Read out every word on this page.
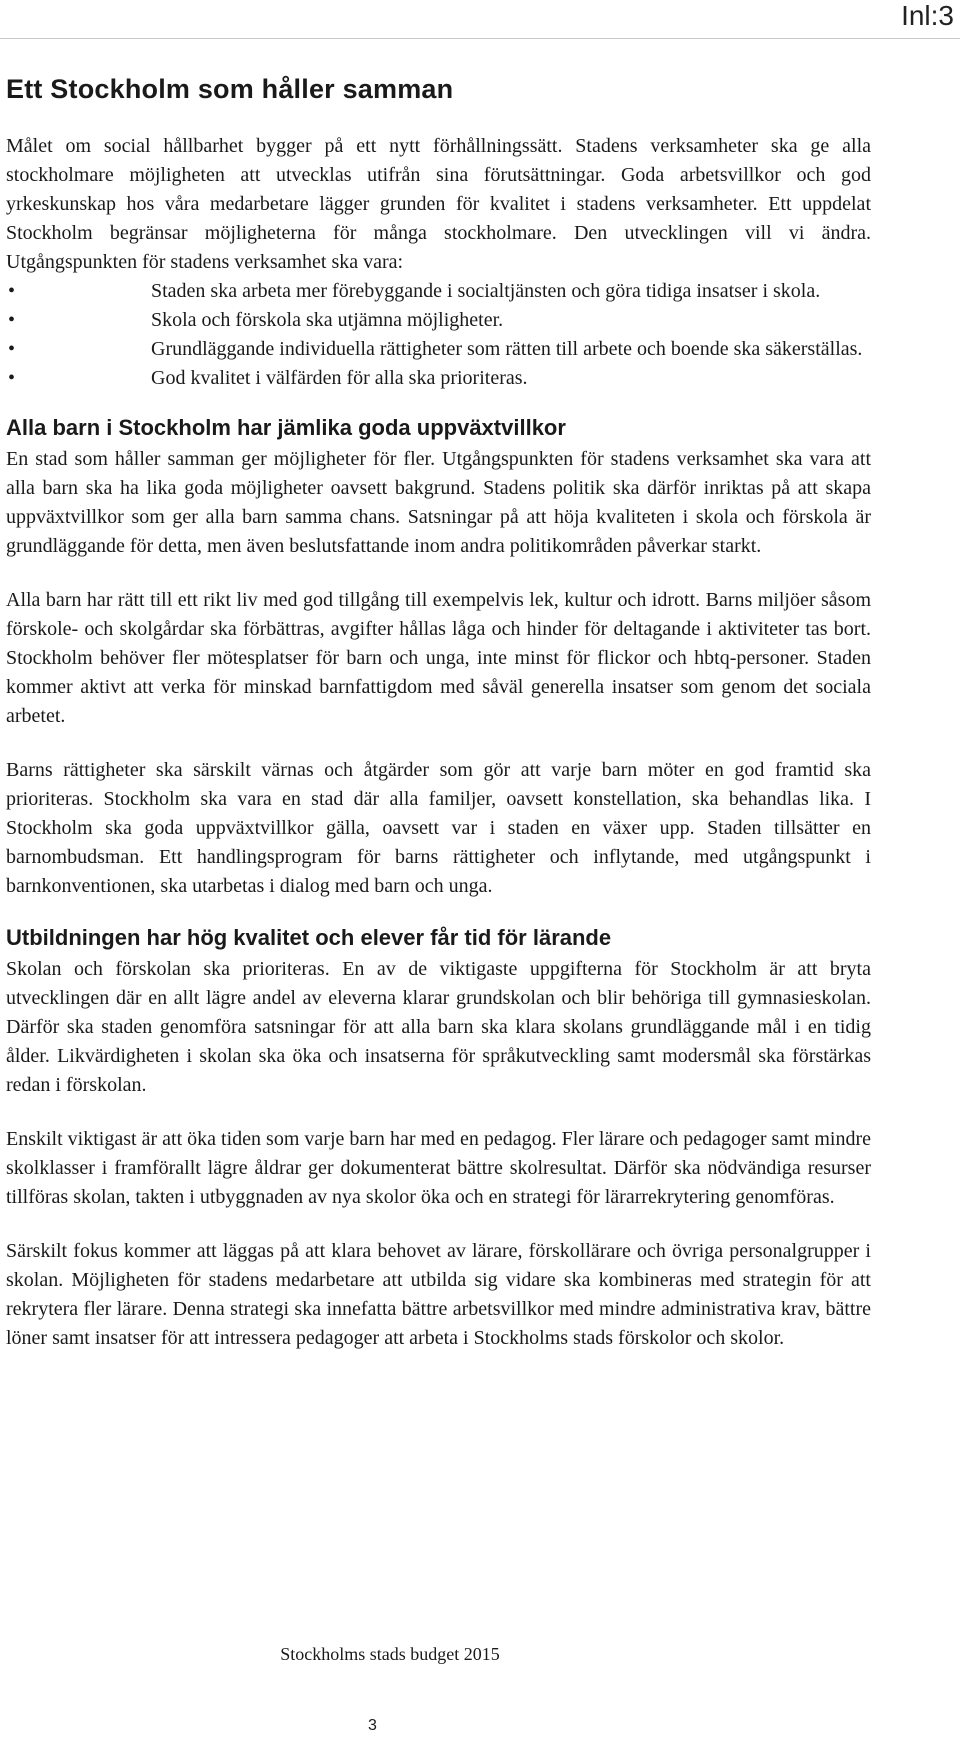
Inl:3
Ett Stockholm som håller samman

Målet om social hållbarhet bygger på ett nytt förhållningssätt. Stadens verksamheter ska ge alla stockholmare möjligheten att utvecklas utifrån sina förutsättningar. Goda arbetsvillkor och god yrkeskunskap hos våra medarbetare lägger grunden för kvalitet i stadens verksamheter. Ett uppdelat Stockholm begränsar möjligheterna för många stockholmare. Den utvecklingen vill vi ändra. Utgångspunkten för stadens verksamhet ska vara:

•	Staden ska arbeta mer förebyggande i socialtjänsten och göra tidiga insatser i skola.
•	Skola och förskola ska utjämna möjligheter.
•	Grundläggande individuella rättigheter som rätten till arbete och boende ska säkerställas.
•	God kvalitet i välfärden för alla ska prioriteras.
Alla barn i Stockholm har jämlika goda uppväxtvillkor

En stad som håller samman ger möjligheter för fler. Utgångspunkten för stadens verksamhet ska vara att alla barn ska ha lika goda möjligheter oavsett bakgrund. Stadens politik ska därför inriktas på att skapa uppväxtvillkor som ger alla barn samma chans. Satsningar på att höja kvaliteten i skola och förskola är grundläggande för detta, men även beslutsfattande inom andra politikområden påverkar starkt.

Alla barn har rätt till ett rikt liv med god tillgång till exempelvis lek, kultur och idrott. Barns miljöer såsom förskole- och skolgårdar ska förbättras, avgifter hållas låga och hinder för deltagande i aktiviteter tas bort. Stockholm behöver fler mötesplatser för barn och unga, inte minst för flickor och hbtq-personer. Staden kommer aktivt att verka för minskad barnfattigdom med såväl generella insatser som genom det sociala arbetet.

Barns rättigheter ska särskilt värnas och åtgärder som gör att varje barn möter en god framtid ska prioriteras. Stockholm ska vara en stad där alla familjer, oavsett konstellation, ska behandlas lika. I Stockholm ska goda uppväxtvillkor gälla, oavsett var i staden en växer upp. Staden tillsätter en barnombudsman. Ett handlingsprogram för barns rättigheter och inflytande, med utgångspunkt i barnkonventionen, ska utarbetas i dialog med barn och unga.

Utbildningen har hög kvalitet och elever får tid för lärande

Skolan och förskolan ska prioriteras. En av de viktigaste uppgifterna för Stockholm är att bryta utvecklingen där en allt lägre andel av eleverna klarar grundskolan och blir behöriga till gymnasieskolan. Därför ska staden genomföra satsningar för att alla barn ska klara skolans grundläggande mål i en tidig ålder. Likvärdigheten i skolan ska öka och insatserna för språkutveckling samt modersmål ska förstärkas redan i förskolan.

Enskilt viktigast är att öka tiden som varje barn har med en pedagog. Fler lärare och pedagoger samt mindre skolklasser i framförallt lägre åldrar ger dokumenterat bättre skolresultat. Därför ska nödvändiga resurser tillföras skolan, takten i utbyggnaden av nya skolor öka och en strategi för lärarrekrytering genomföras.

Särskilt fokus kommer att läggas på att klara behovet av lärare, förskollärare och övriga personalgrupper i skolan. Möjligheten för stadens medarbetare att utbilda sig vidare ska kombineras med strategin för att rekrytera fler lärare. Denna strategi ska innefatta bättre arbetsvillkor med mindre administrativa krav, bättre löner samt insatser för att intressera pedagoger att arbeta i Stockholms stads förskolor och skolor.

Stockholms stads budget 2015
3
